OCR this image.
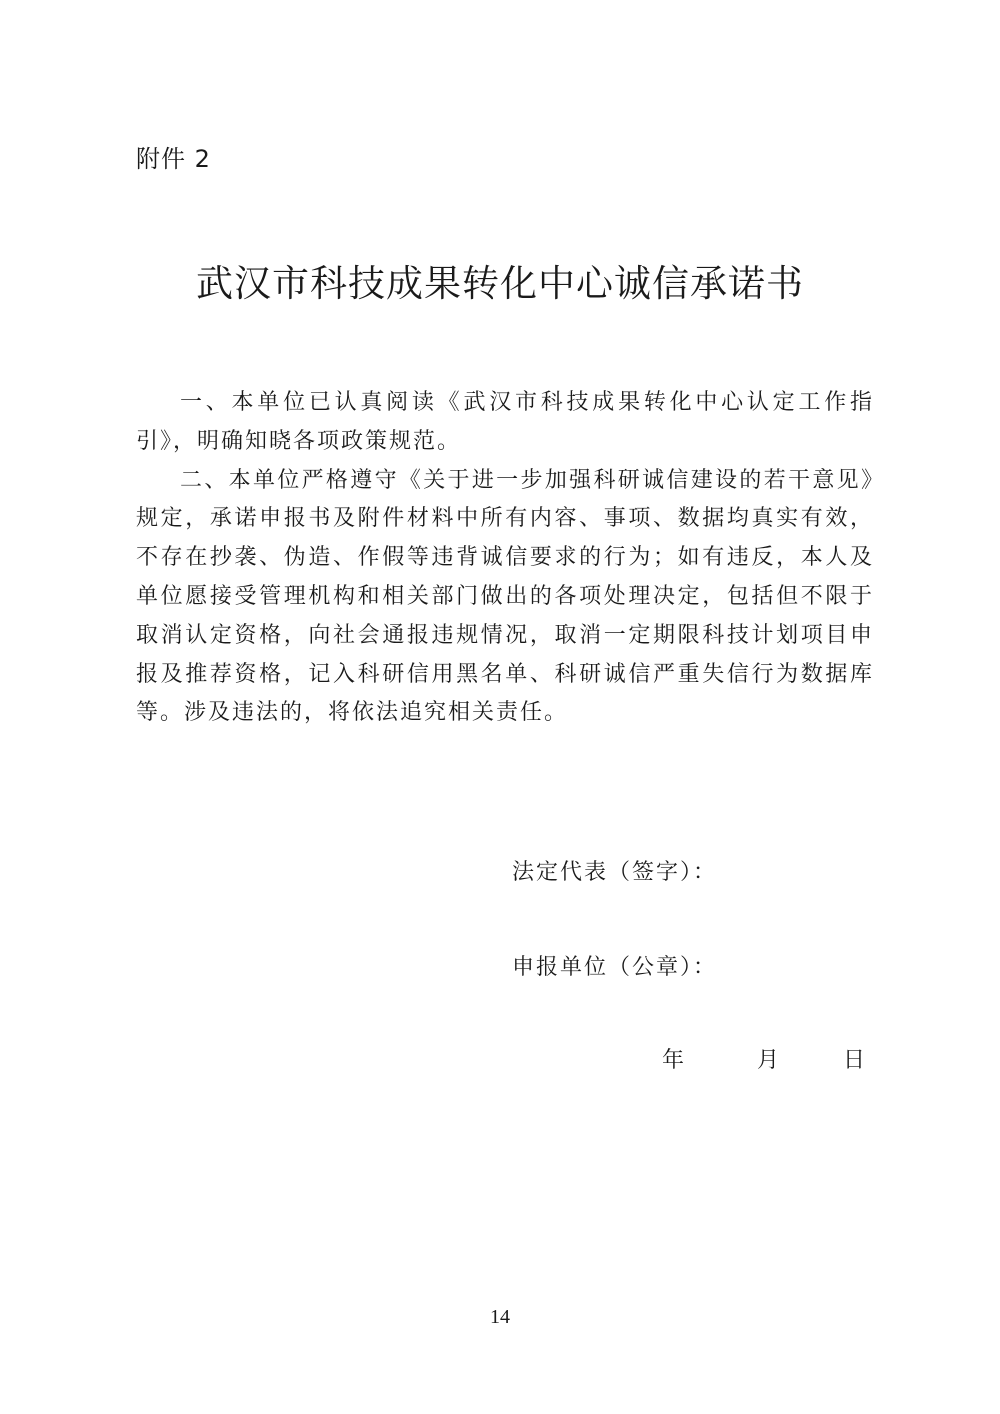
附件 2
武汉市科技成果转化中心诚信承诺书

一、本单位已认真阅读《武汉市科技成果转化中心认定工作指引》，明确知晓各项政策规范。

二、本单位严格遵守《关于进一步加强科研诚信建设的若干意见》规定，承诺申报书及附件材料中所有内容、事项、数据均真实有效，不存在抄袭、伪造、作假等违背诚信要求的行为；如有违反，本人及单位愿接受管理机构和相关部门做出的各项处理决定，包括但不限于取消认定资格，向社会通报违规情况，取消一定期限科技计划项目申报及推荐资格，记入科研信用黑名单、科研诚信严重失信行为数据库等。涉及违法的，将依法追究相关责任。

法定代表（签字）：
申报单位（公章）：
年	月	日
14
